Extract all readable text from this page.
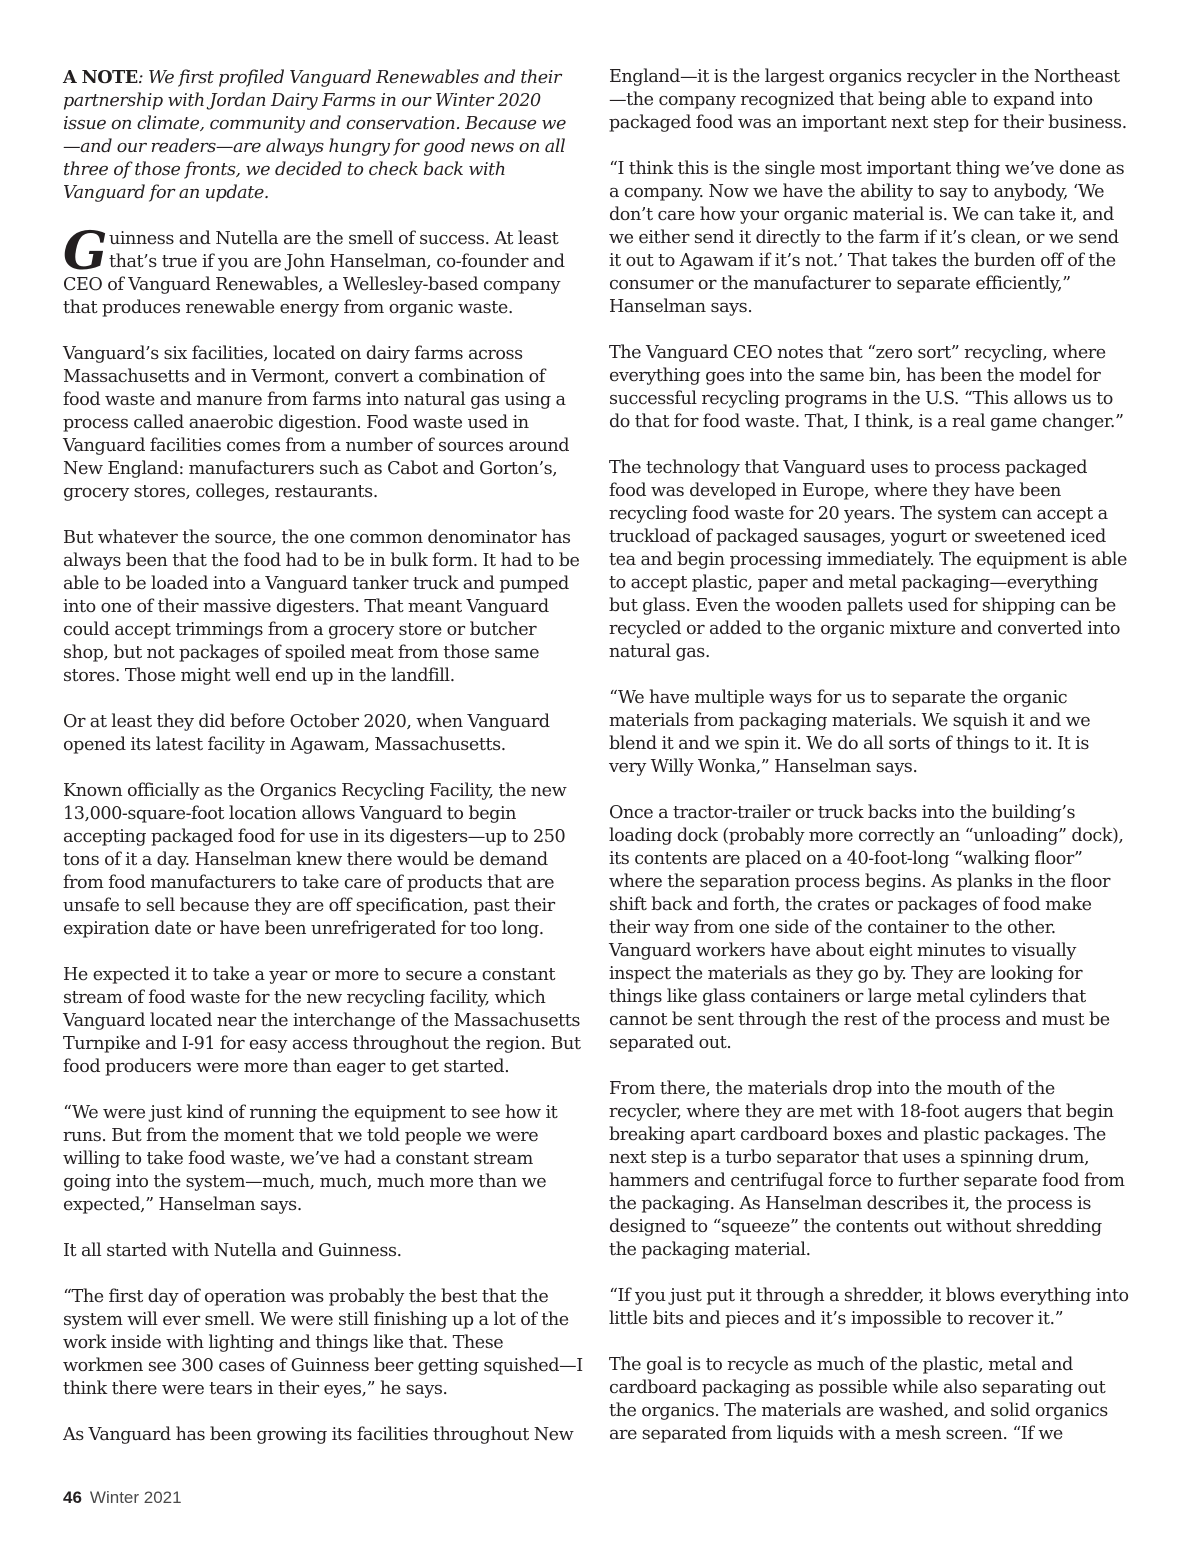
A NOTE: We first profiled Vanguard Renewables and their partnership with Jordan Dairy Farms in our Winter 2020 issue on climate, community and conservation. Because we—and our readers—are always hungry for good news on all three of those fronts, we decided to check back with Vanguard for an update.

Guinness and Nutella are the smell of success. At least that’s true if you are John Hanselman, co-founder and CEO of Vanguard Renewables, a Wellesley-based company that produces renewable energy from organic waste.

Vanguard’s six facilities, located on dairy farms across Massachusetts and in Vermont, convert a combination of food waste and manure from farms into natural gas using a process called anaerobic digestion. Food waste used in Vanguard facilities comes from a number of sources around New England: manufacturers such as Cabot and Gorton’s, grocery stores, colleges, restaurants.

But whatever the source, the one common denominator has always been that the food had to be in bulk form. It had to be able to be loaded into a Vanguard tanker truck and pumped into one of their massive digesters. That meant Vanguard could accept trimmings from a grocery store or butcher shop, but not packages of spoiled meat from those same stores. Those might well end up in the landfill.

Or at least they did before October 2020, when Vanguard opened its latest facility in Agawam, Massachusetts.

Known officially as the Organics Recycling Facility, the new 13,000-square-foot location allows Vanguard to begin accepting packaged food for use in its digesters—up to 250 tons of it a day. Hanselman knew there would be demand from food manufacturers to take care of products that are unsafe to sell because they are off specification, past their expiration date or have been unrefrigerated for too long.

He expected it to take a year or more to secure a constant stream of food waste for the new recycling facility, which Vanguard located near the interchange of the Massachusetts Turnpike and I-91 for easy access throughout the region. But food producers were more than eager to get started.

“We were just kind of running the equipment to see how it runs. But from the moment that we told people we were willing to take food waste, we’ve had a constant stream going into the system—much, much, much more than we expected,” Hanselman says.

It all started with Nutella and Guinness.

“The first day of operation was probably the best that the system will ever smell. We were still finishing up a lot of the work inside with lighting and things like that. These workmen see 300 cases of Guinness beer getting squished—I think there were tears in their eyes,” he says.

As Vanguard has been growing its facilities throughout New

England—it is the largest organics recycler in the Northeast—the company recognized that being able to expand into packaged food was an important next step for their business.

“I think this is the single most important thing we’ve done as a company. Now we have the ability to say to anybody, ‘We don’t care how your organic material is. We can take it, and we either send it directly to the farm if it’s clean, or we send it out to Agawam if it’s not.’ That takes the burden off of the consumer or the manufacturer to separate efficiently,” Hanselman says.

The Vanguard CEO notes that “zero sort” recycling, where everything goes into the same bin, has been the model for successful recycling programs in the U.S. “This allows us to do that for food waste. That, I think, is a real game changer.”

The technology that Vanguard uses to process packaged food was developed in Europe, where they have been recycling food waste for 20 years. The system can accept a truckload of packaged sausages, yogurt or sweetened iced tea and begin processing immediately. The equipment is able to accept plastic, paper and metal packaging—everything but glass. Even the wooden pallets used for shipping can be recycled or added to the organic mixture and converted into natural gas.

“We have multiple ways for us to separate the organic materials from packaging materials. We squish it and we blend it and we spin it. We do all sorts of things to it. It is very Willy Wonka,” Hanselman says.

Once a tractor-trailer or truck backs into the building’s loading dock (probably more correctly an “unloading” dock), its contents are placed on a 40-foot-long “walking floor” where the separation process begins. As planks in the floor shift back and forth, the crates or packages of food make their way from one side of the container to the other. Vanguard workers have about eight minutes to visually inspect the materials as they go by. They are looking for things like glass containers or large metal cylinders that cannot be sent through the rest of the process and must be separated out.

From there, the materials drop into the mouth of the recycler, where they are met with 18-foot augers that begin breaking apart cardboard boxes and plastic packages. The next step is a turbo separator that uses a spinning drum, hammers and centrifugal force to further separate food from the packaging. As Hanselman describes it, the process is designed to “squeeze” the contents out without shredding the packaging material.

“If you just put it through a shredder, it blows everything into little bits and pieces and it’s impossible to recover it.”

The goal is to recycle as much of the plastic, metal and cardboard packaging as possible while also separating out the organics. The materials are washed, and solid organics are separated from liquids with a mesh screen. “If we

46 Winter 2021
